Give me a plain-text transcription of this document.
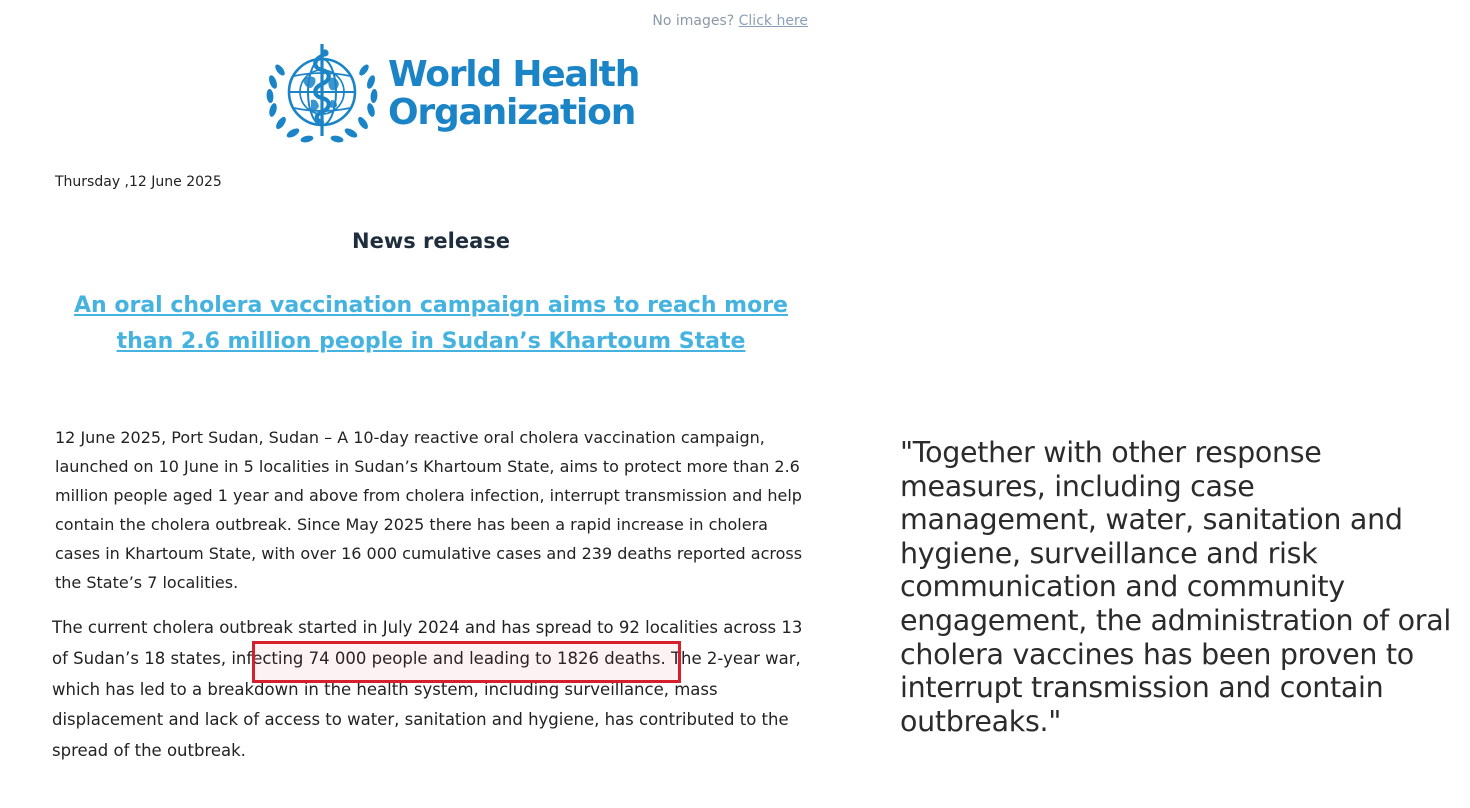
No images? Click here
World Health
Organization
Thursday ,12 June 2025
News release
An oral cholera vaccination campaign aims to reach more than 2.6 million people in Sudan’s Khartoum State
12 June 2025, Port Sudan, Sudan – A 10-day reactive oral cholera vaccination campaign, launched on 10 June in 5 localities in Sudan’s Khartoum State, aims to protect more than 2.6 million people aged 1 year and above from cholera infection, interrupt transmission and help contain the cholera outbreak. Since May 2025 there has been a rapid increase in cholera cases in Khartoum State, with over 16 000 cumulative cases and 239 deaths reported across the State’s 7 localities.
The current cholera outbreak started in July 2024 and has spread to 92 localities across 13 of Sudan’s 18 states, infecting 74 000 people and leading to 1826 deaths. The 2-year war, which has led to a breakdown in the health system, including surveillance, mass displacement and lack of access to water, sanitation and hygiene, has contributed to the spread of the outbreak.
"Together with other response measures, including case management, water, sanitation and hygiene, surveillance and risk communication and community engagement, the administration of oral cholera vaccines has been proven to interrupt transmission and contain outbreaks."
